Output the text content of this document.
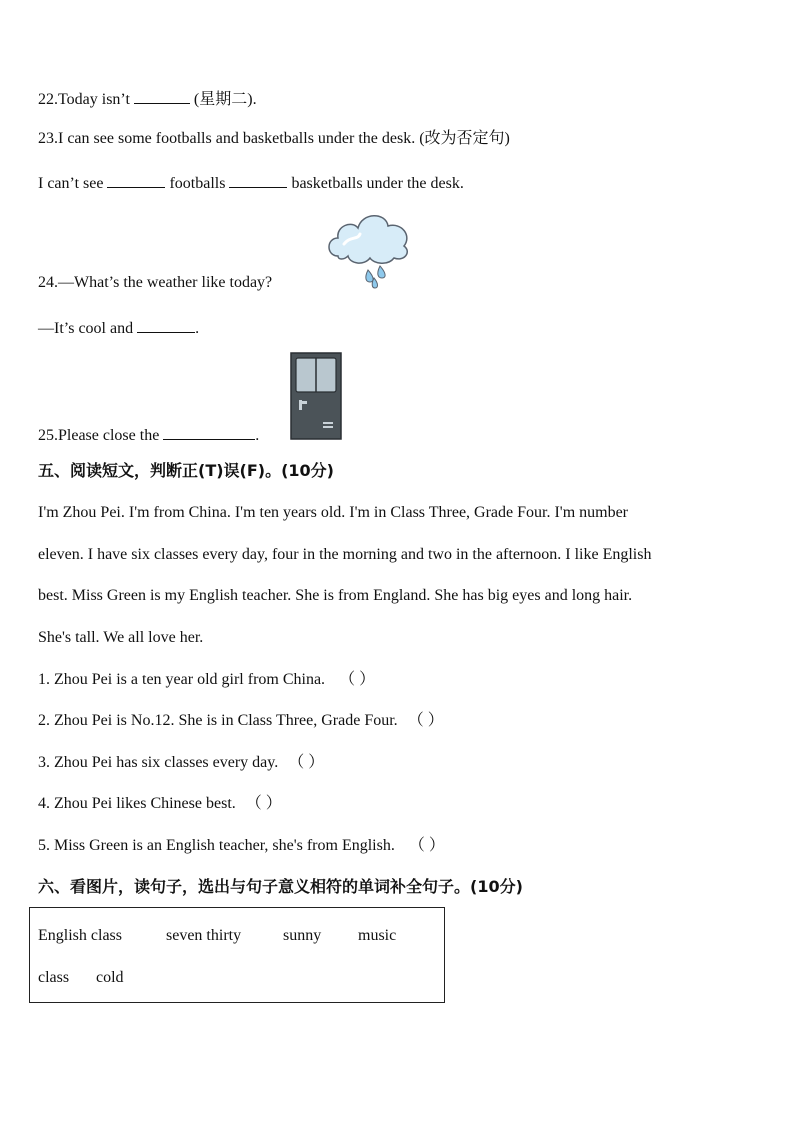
22.Today isn’t	(星期二).
23.I can see some footballs and basketballs under the desk. (改为否定句)
I can’t see	footballs	basketballs under the desk.
24.—What’s the weather like today?
—It’s cool and	.
25.Please close the	.
五、阅读短文，判断正(T)误(F)。(10分)
I'm Zhou Pei. I'm from China. I'm ten years old. I'm in Class Three, Grade Four. I'm number
eleven. I have six classes every day, four in the morning and two in the afternoon. I like English
best. Miss Green is my English teacher. She is from England. She has big eyes and long hair.
She's tall. We all love her.
1. Zhou Pei is a ten year old girl from China. （ ）
2. Zhou Pei is No.12. She is in Class Three, Grade Four. （ ）
3. Zhou Pei has six classes every day. （ ）
4. Zhou Pei likes Chinese best. （ ）
5. Miss Green is an English teacher, she's from English. （ ）
六、看图片，读句子，选出与句子意义相符的单词补全句子。(10分)
English class	seven thirty	sunny music
class cold
